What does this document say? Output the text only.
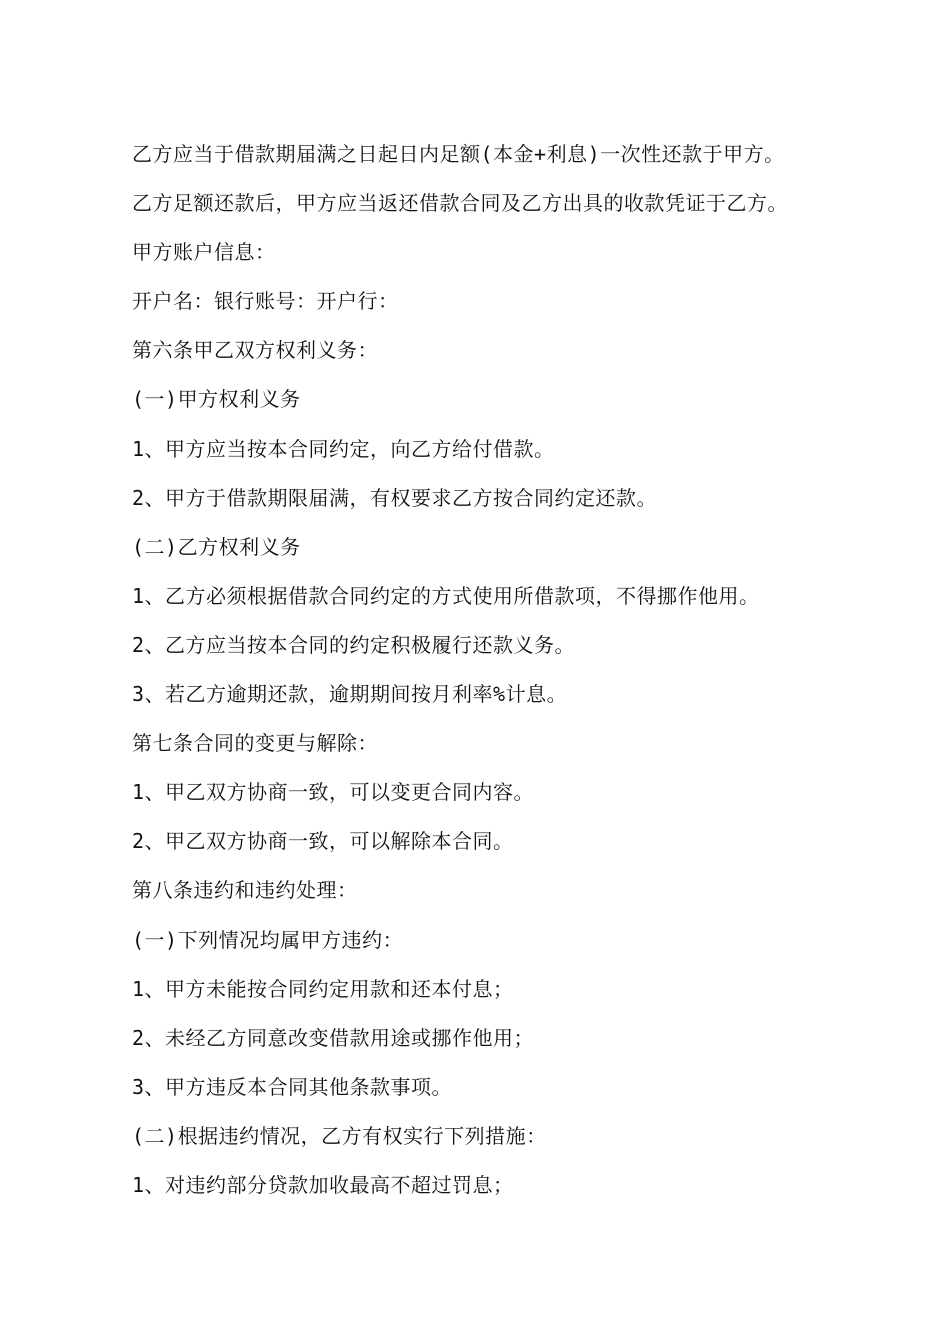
乙方应当于借款期届满之日起日内足额(本金+利息)一次性还款于甲方。
乙方足额还款后，甲方应当返还借款合同及乙方出具的收款凭证于乙方。
甲方账户信息：
开户名：银行账号：开户行：
第六条甲乙双方权利义务：
(一)甲方权利义务
1、甲方应当按本合同约定，向乙方给付借款。
2、甲方于借款期限届满，有权要求乙方按合同约定还款。
(二)乙方权利义务
1、乙方必须根据借款合同约定的方式使用所借款项，不得挪作他用。
2、乙方应当按本合同的约定积极履行还款义务。
3、若乙方逾期还款，逾期期间按月利率%计息。
第七条合同的变更与解除：
1、甲乙双方协商一致，可以变更合同内容。
2、甲乙双方协商一致，可以解除本合同。
第八条违约和违约处理：
(一)下列情况均属甲方违约：
1、甲方未能按合同约定用款和还本付息；
2、未经乙方同意改变借款用途或挪作他用；
3、甲方违反本合同其他条款事项。
(二)根据违约情况，乙方有权实行下列措施：
1、对违约部分贷款加收最高不超过罚息；
